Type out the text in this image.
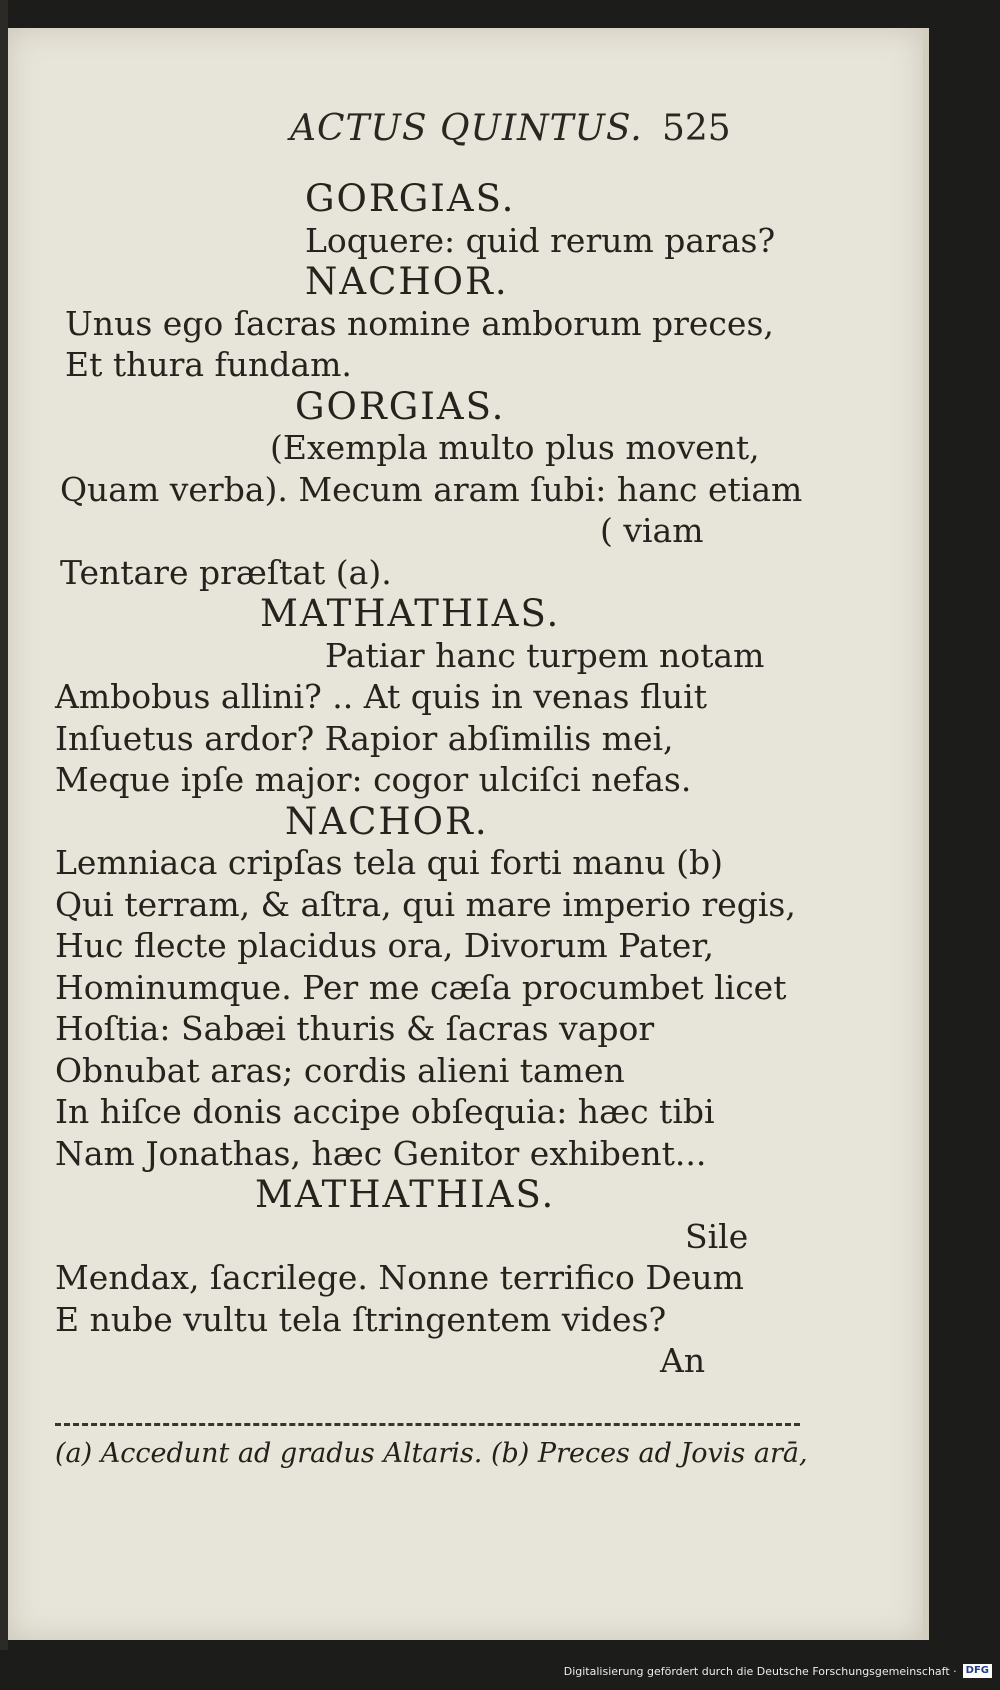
ACTUS QUINTUS. 525
GORGIAS.
Loquere: quid rerum paras?
NACHOR.
Unus ego ſacras nomine amborum preces,
Et thura fundam.
GORGIAS.
(Exempla multo plus movent,
Quam verba). Mecum aram ſubi: hanc etiam
( viam
Tentare præſtat (a).
MATHATHIAS.
Patiar hanc turpem notam
Ambobus allini? .. At quis in venas fluit
Inſuetus ardor? Rapior abſimilis mei,
Meque ipſe major: cogor ulciſci nefas.
NACHOR.
Lemniaca cripſas tela qui forti manu (b)
Qui terram, & aſtra, qui mare imperio regis,
Huc flecte placidus ora, Divorum Pater,
Hominumque. Per me cæſa procumbet licet
Hoſtia: Sabæi thuris & ſacras vapor
Obnubat aras; cordis alieni tamen
In hiſce donis accipe obſequia: hæc tibi
Nam Jonathas, hæc Genitor exhibent...
MATHATHIAS.
Sile
Mendax, ſacrilege. Nonne terrifico Deum
E nube vultu tela ſtringentem vides?
An
(a) Accedunt ad gradus Altaris. (b) Preces ad Jovis arā,
Digitalisierung gefördert durch die Deutsche Forschungsgemeinschaft · DFG
